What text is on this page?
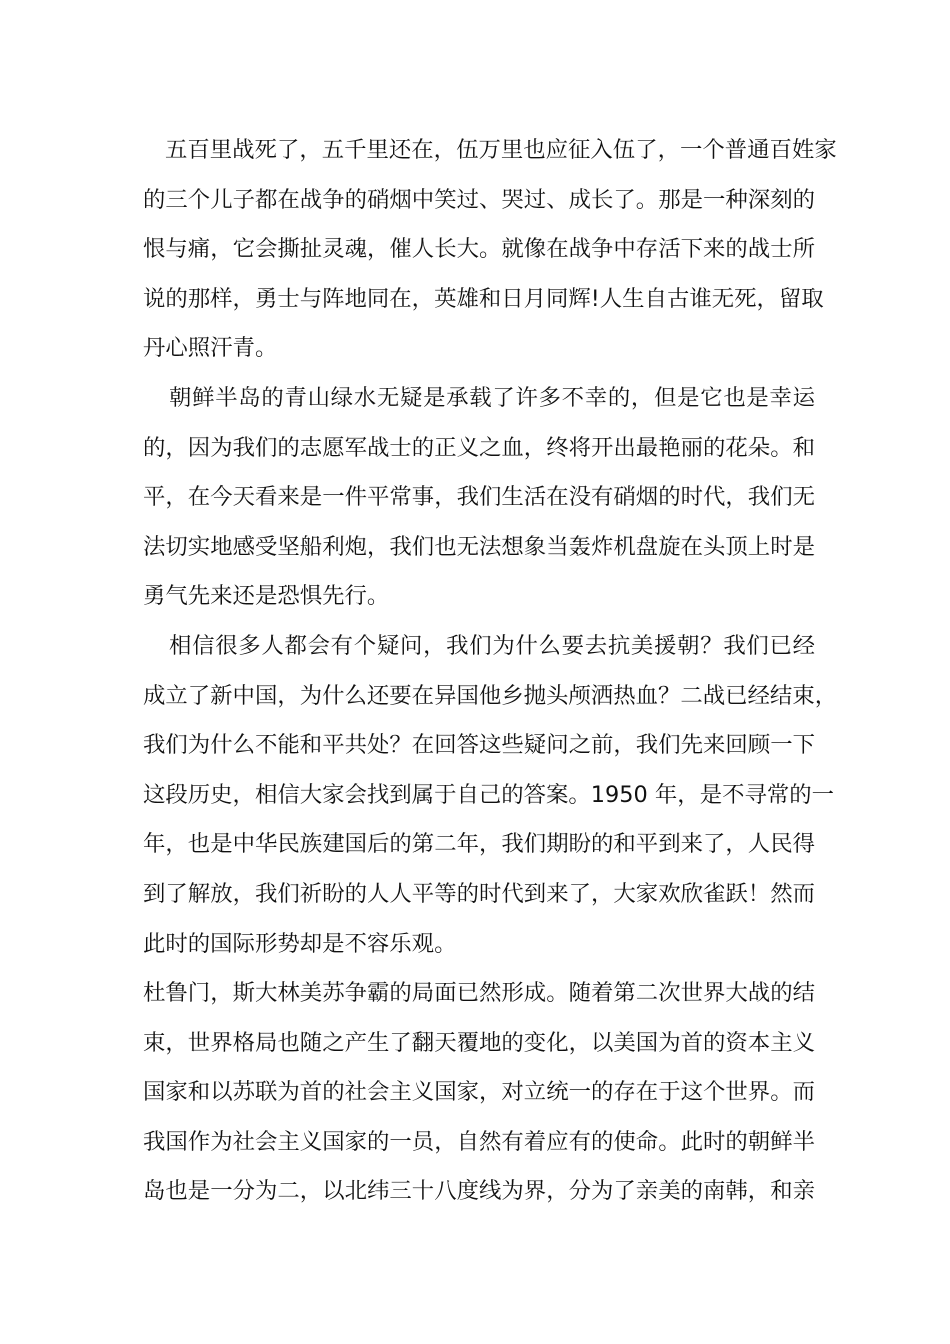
五百里战死了，五千里还在，伍万里也应征入伍了，一个普通百姓家
的三个儿子都在战争的硝烟中笑过、哭过、成长了。那是一种深刻的
恨与痛，它会撕扯灵魂，催人长大。就像在战争中存活下来的战士所
说的那样，勇士与阵地同在，英雄和日月同辉!人生自古谁无死，留取
丹心照汗青。
朝鲜半岛的青山绿水无疑是承载了许多不幸的，但是它也是幸运
的，因为我们的志愿军战士的正义之血，终将开出最艳丽的花朵。和
平，在今天看来是一件平常事，我们生活在没有硝烟的时代，我们无
法切实地感受坚船利炮，我们也无法想象当轰炸机盘旋在头顶上时是
勇气先来还是恐惧先行。
相信很多人都会有个疑问，我们为什么要去抗美援朝？我们已经
成立了新中国，为什么还要在异国他乡抛头颅洒热血？二战已经结束，
我们为什么不能和平共处？在回答这些疑问之前，我们先来回顾一下
这段历史，相信大家会找到属于自己的答案。1950 年，是不寻常的一
年，也是中华民族建国后的第二年，我们期盼的和平到来了，人民得
到了解放，我们祈盼的人人平等的时代到来了，大家欢欣雀跃！然而
此时的国际形势却是不容乐观。
杜鲁门，斯大林美苏争霸的局面已然形成。随着第二次世界大战的结
束，世界格局也随之产生了翻天覆地的变化，以美国为首的资本主义
国家和以苏联为首的社会主义国家，对立统一的存在于这个世界。而
我国作为社会主义国家的一员，自然有着应有的使命。此时的朝鲜半
岛也是一分为二，以北纬三十八度线为界，分为了亲美的南韩，和亲
